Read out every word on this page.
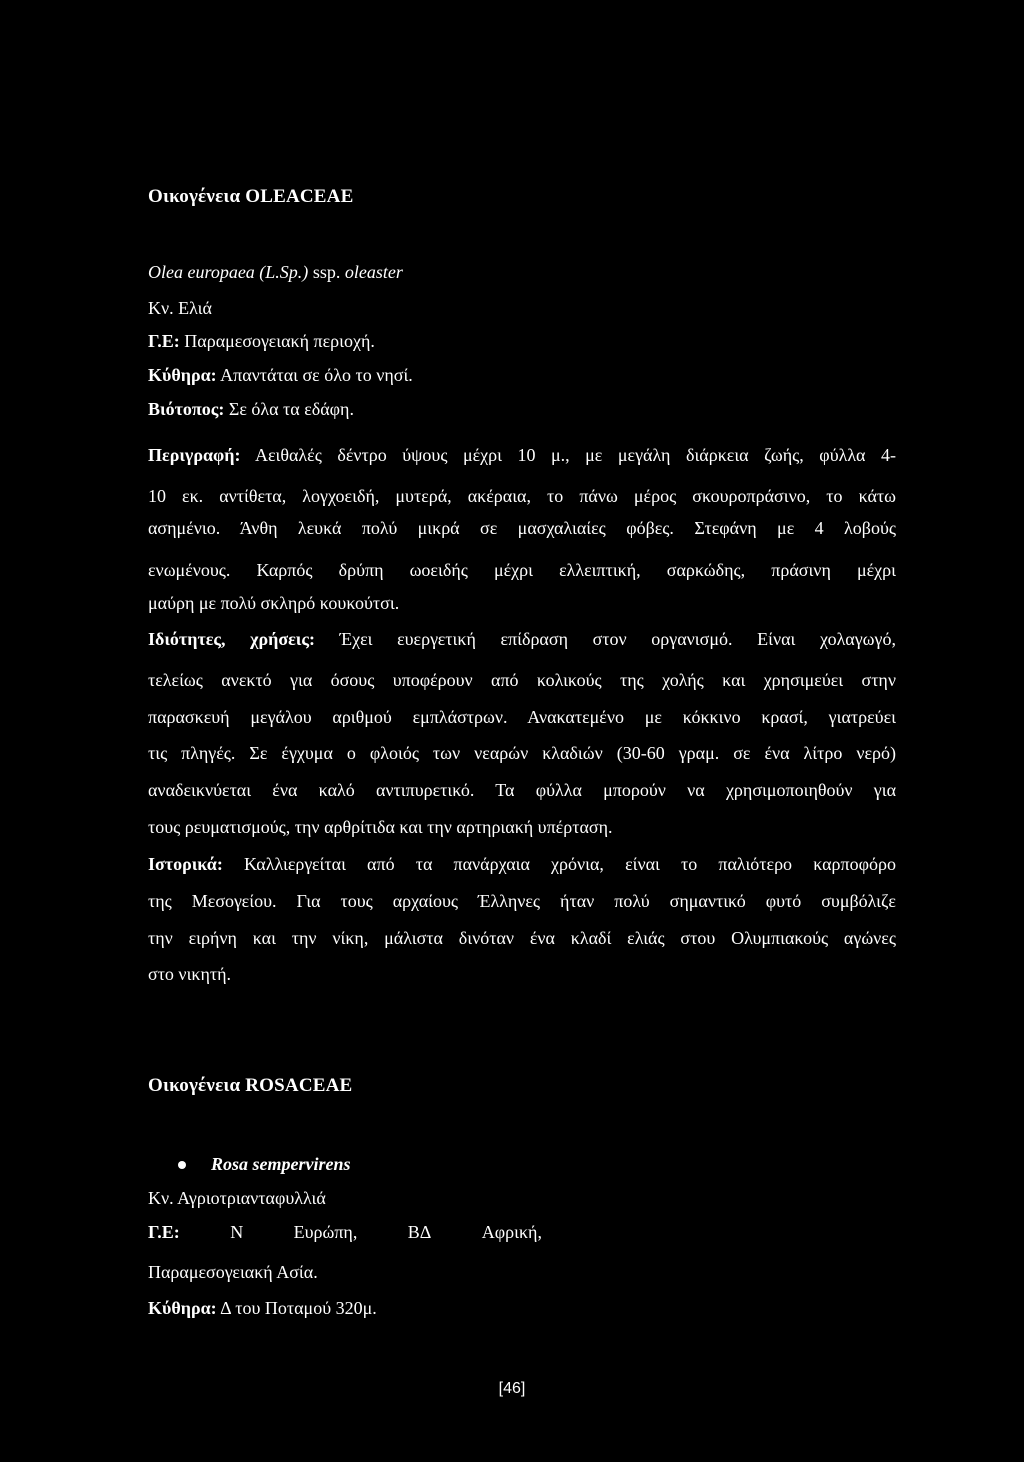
Οικογένεια OLEACEAE
Olea europaea (L.Sp.) ssp. oleaster
Κν. Ελιά
Γ.Ε: Παραμεσογειακή περιοχή.
Κύθηρα: Απαντάται σε όλο το νησί.
Βιότοπος: Σε όλα τα εδάφη.
Περιγραφή: Αειθαλές δέντρο ύψους μέχρι 10 μ., με μεγάλη διάρκεια ζωής, φύλλα 4-
10 εκ. αντίθετα, λογχοειδή, μυτερά, ακέραια, το πάνω μέρος σκουροπράσινο, το κάτω
ασημένιο. Άνθη λευκά πολύ μικρά σε μασχαλιαίες φόβες. Στεφάνη με 4 λοβούς
ενωμένους. Καρπός δρύπη ωοειδής μέχρι ελλειπτική, σαρκώδης, πράσινη μέχρι
μαύρη με πολύ σκληρό κουκούτσι.
Ιδιότητες, χρήσεις: Έχει ευεργετική επίδραση στον οργανισμό. Είναι χολαγωγό,
τελείως ανεκτό για όσους υποφέρουν από κολικούς της χολής και χρησιμεύει στην
παρασκευή μεγάλου αριθμού εμπλάστρων. Ανακατεμένο με κόκκινο κρασί, γιατρεύει
τις πληγές. Σε έγχυμα ο φλοιός των νεαρών κλαδιών (30-60 γραμ. σε ένα λίτρο νερό)
αναδεικνύεται ένα καλό αντιπυρετικό. Τα φύλλα μπορούν να χρησιμοποιηθούν για
τους ρευματισμούς, την αρθρίτιδα και την αρτηριακή υπέρταση.
Ιστορικά: Καλλιεργείται από τα πανάρχαια χρόνια, είναι το παλιότερο καρποφόρο
της Μεσογείου. Για τους αρχαίους Έλληνες ήταν πολύ σημαντικό φυτό συμβόλιζε
την ειρήνη και την νίκη, μάλιστα δινόταν ένα κλαδί ελιάς στου Ολυμπιακούς αγώνες
στο νικητή.
Οικογένεια ROSACEAE
Rosa sempervirens
Κν. Αγριοτριανταφυλλιά
Γ.Ε:	Ν	Ευρώπη,	ΒΔ	Αφρική,
Παραμεσογειακή Ασία.
Κύθηρα: Δ του Ποταμού 320μ.
[46]
